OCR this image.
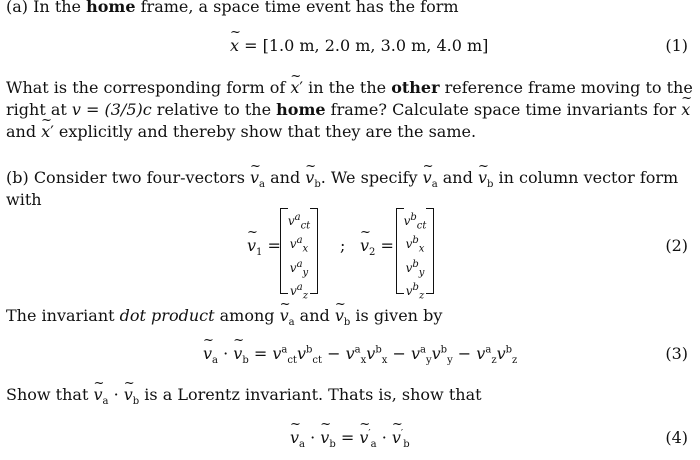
(a) In the home frame, a space time event has the form
~ x = [1.0 m, 2.0 m, 3.0 m, 4.0 m]	(1)
What is the corresponding form of ~ x′ in the the other reference frame moving to the
right at v = (3/5)c relative to the home frame? Calculate space time invariants for ~ x
and ~ x′ explicitly and thereby show that they are the same.
(b) Consider two four-vectors ~ $v_a$ and ~ $v_b$. We specify ~ $v_a$ and ~ $v_b$ in column vector form
with
~ $v_1$ =
$v^a_{ct}$
$v^a_x$
$v^a_y$
$v^a_z$
;
~ $v_2$ =
$v^b_{ct}$
$v^b_x$
$v^b_y$
$v^b_z$
(2)
The invariant dot product among ~ $v_a$ and ~ $v_b$ is given by
~ $v_a$ · ~ $v_b = v^a_{ct}v^b_{ct} - v^a_xv^b_x - v^a_yv^b_y - v^a_zv^b_z$	(3)
Show that ~ $v_a$ · ~ $v_b$ is a Lorentz invariant. Thats is, show that
~ $v_a$ · ~ $v_b$ = ~ $v'_a$ · ~ $v'_b$	(4)
